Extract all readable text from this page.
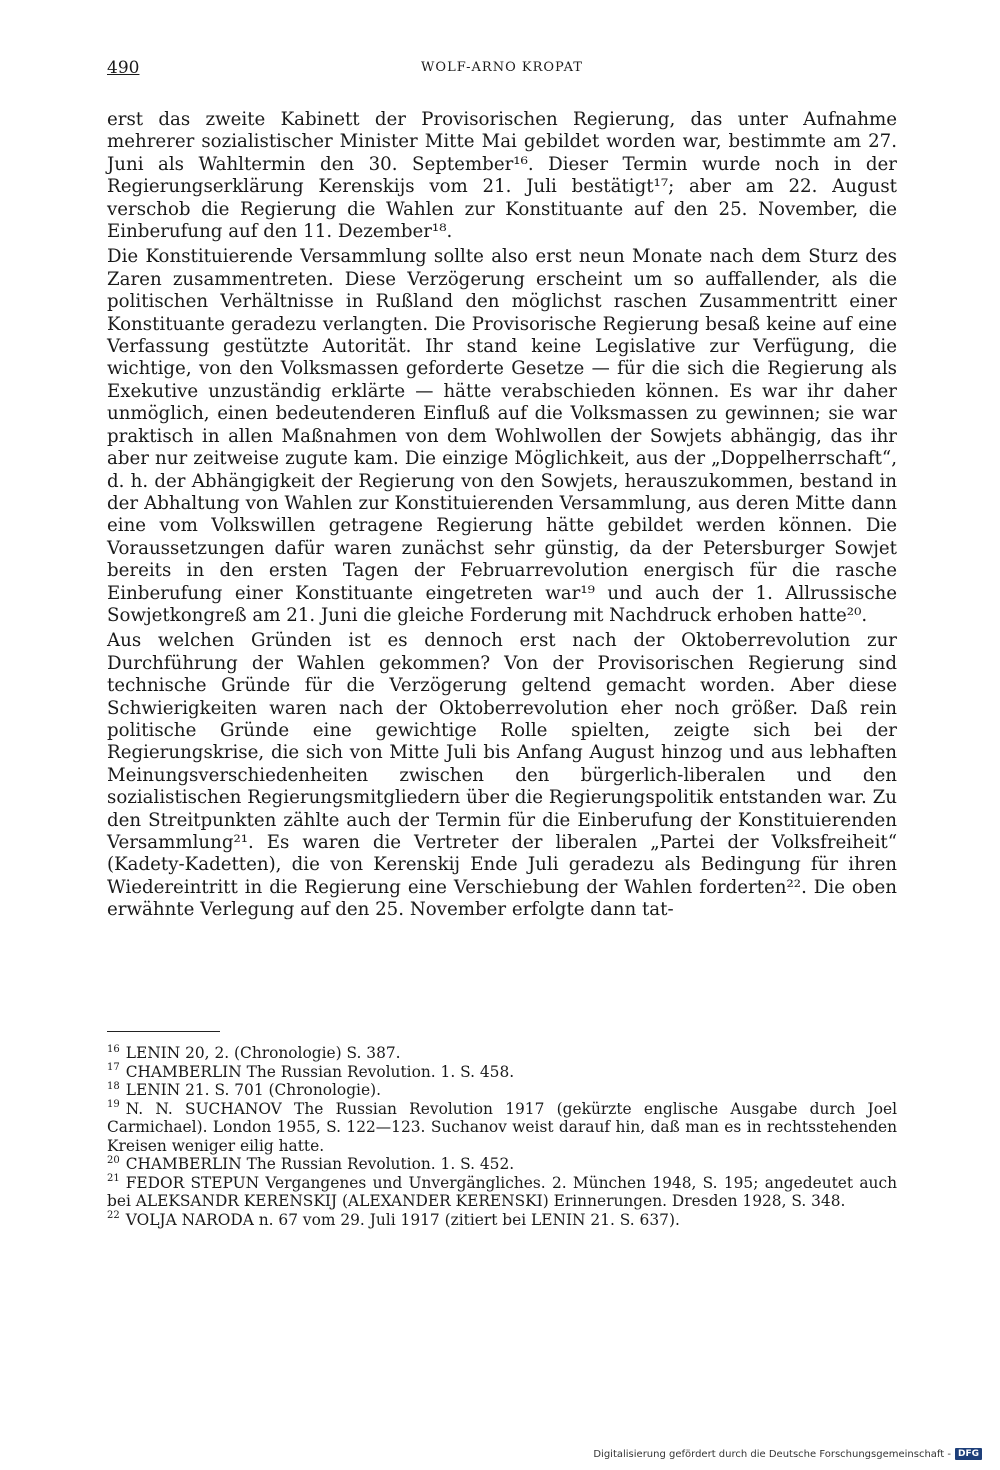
490	WOLF-ARNO KROPAT

erst das zweite Kabinett der Provisorischen Regierung, das unter Aufnahme mehrerer sozialistischer Minister Mitte Mai gebildet worden war, bestimmte am 27. Juni als Wahltermin den 30. September¹⁶. Dieser Termin wurde noch in der Regierungserklärung Kerenskijs vom 21. Juli bestätigt¹⁷; aber am 22. August verschob die Regierung die Wahlen zur Konstituante auf den 25. November, die Einberufung auf den 11. Dezember¹⁸.

Die Konstituierende Versammlung sollte also erst neun Monate nach dem Sturz des Zaren zusammentreten. Diese Verzögerung erscheint um so auffallender, als die politischen Verhältnisse in Rußland den möglichst raschen Zusammentritt einer Konstituante geradezu verlangten. Die Provisorische Regierung besaß keine auf eine Verfassung gestützte Autorität. Ihr stand keine Legislative zur Verfügung, die wichtige, von den Volksmassen geforderte Gesetze — für die sich die Regierung als Exekutive unzuständig erklärte — hätte verabschieden können. Es war ihr daher unmöglich, einen bedeutenderen Einfluß auf die Volksmassen zu gewinnen; sie war praktisch in allen Maßnahmen von dem Wohlwollen der Sowjets abhängig, das ihr aber nur zeitweise zugute kam. Die einzige Möglichkeit, aus der „Doppelherrschaft“, d. h. der Abhängigkeit der Regierung von den Sowjets, herauszukommen, bestand in der Abhaltung von Wahlen zur Konstituierenden Versammlung, aus deren Mitte dann eine vom Volkswillen getragene Regierung hätte gebildet werden können. Die Voraussetzungen dafür waren zunächst sehr günstig, da der Petersburger Sowjet bereits in den ersten Tagen der Februarrevolution energisch für die rasche Einberufung einer Konstituante eingetreten war¹⁹ und auch der 1. Allrussische Sowjetkongreß am 21. Juni die gleiche Forderung mit Nachdruck erhoben hatte²⁰.

Aus welchen Gründen ist es dennoch erst nach der Oktoberrevolution zur Durchführung der Wahlen gekommen? Von der Provisorischen Regierung sind technische Gründe für die Verzögerung geltend gemacht worden. Aber diese Schwierigkeiten waren nach der Oktoberrevolution eher noch größer. Daß rein politische Gründe eine gewichtige Rolle spielten, zeigte sich bei der Regierungskrise, die sich von Mitte Juli bis Anfang August hinzog und aus lebhaften Meinungsverschiedenheiten zwischen den bürgerlich-liberalen und den sozialistischen Regierungsmitgliedern über die Regierungspolitik entstanden war. Zu den Streitpunkten zählte auch der Termin für die Einberufung der Konstituierenden Versammlung²¹. Es waren die Vertreter der liberalen „Partei der Volksfreiheit“ (Kadety-Kadetten), die von Kerenskij Ende Juli geradezu als Bedingung für ihren Wiedereintritt in die Regierung eine Verschiebung der Wahlen forderten²². Die oben erwähnte Verlegung auf den 25. November erfolgte dann tat-

$^{16}$ LENIN 20, 2. (Chronologie) S. 387.

$^{17}$ CHAMBERLIN The Russian Revolution. 1. S. 458.

$^{18}$ LENIN 21. S. 701 (Chronologie).

$^{19}$ N. N. SUCHANOV The Russian Revolution 1917 (gekürzte englische Ausgabe durch Joel Carmichael). London 1955, S. 122—123. Suchanov weist darauf hin, daß man es in rechtsstehenden Kreisen weniger eilig hatte.

$^{20}$ CHAMBERLIN The Russian Revolution. 1. S. 452.

$^{21}$ FEDOR STEPUN Vergangenes und Unvergängliches. 2. München 1948, S. 195; angedeutet auch bei ALEKSANDR KERENSKIJ (ALEXANDER KERENSKI) Erinnerungen. Dresden 1928, S. 348.

$^{22}$ VOLJA NARODA n. 67 vom 29. Juli 1917 (zitiert bei LENIN 21. S. 637).

Digitalisierung gefördert durch die Deutsche Forschungsgemeinschaft - DFG
